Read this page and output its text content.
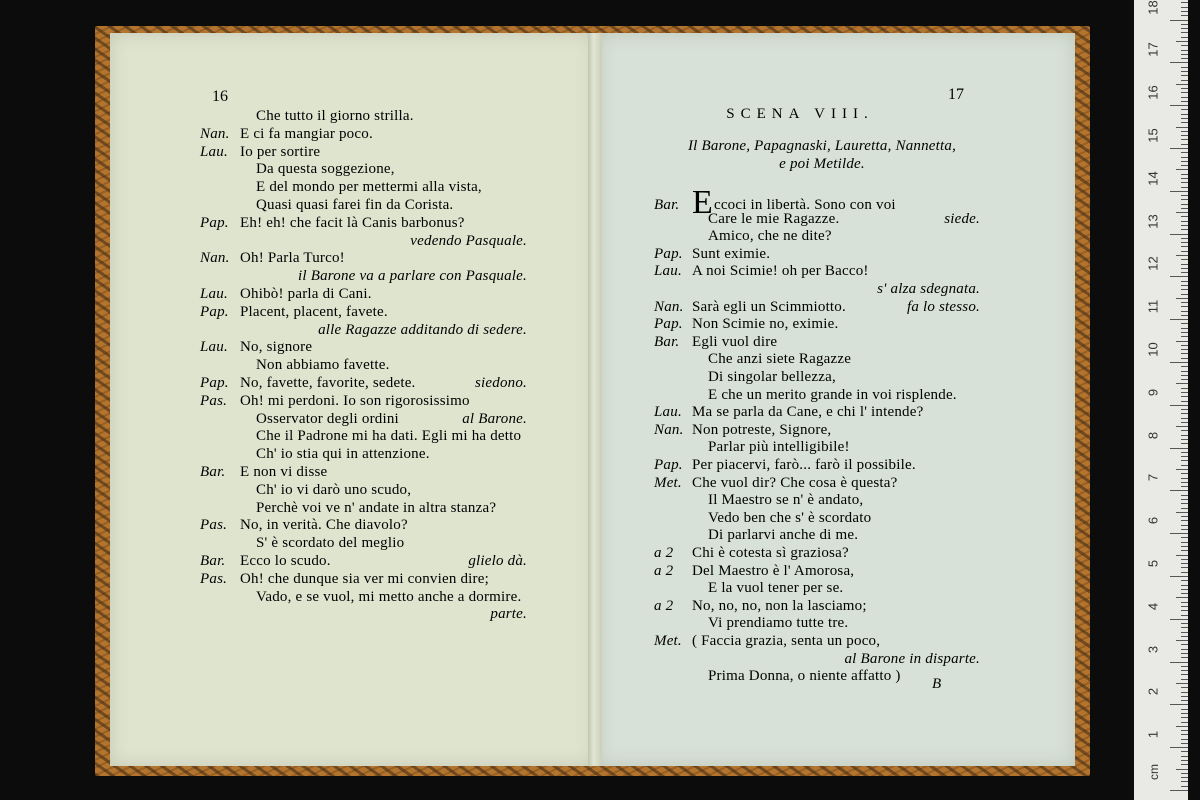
16
Che tutto il giorno strilla.
Nan. E ci fa mangiar poco.
Lau. Io per sortire
Da questa soggezione,
E del mondo per mettermi alla vista,
Quasi quasi farei fin da Corista.
Pap. Eh! eh! che facit là Canis barbonus?
vedendo Pasquale.
Nan. Oh! Parla Turco!
il Barone va a parlare con Pasquale.
Lau. Ohibò! parla di Cani.
Pap. Placent, placent, favete.
alle Ragazze additando di sedere.
Lau. No, signore
Non abbiamo favette.
Pap. No, favette, favorite, sedete.	siedono.
Pas. Oh! mi perdoni. Io son rigorosissimo
Osservator degli ordini	al Barone.
Che il Padrone mi ha dati. Egli mi ha detto
Ch' io stia qui in attenzione.
Bar. E non vi disse
Ch' io vi darò uno scudo,
Perchè voi ve n' andate in altra stanza?
Pas. No, in verità. Che diavolo?
S' è scordato del meglio
Bar. Ecco lo scudo.	glielo dà.
Pas. Oh! che dunque sia ver mi convien dire;
Vado, e se vuol, mi metto anche a dormire.
parte.
17
SCENA VIII.
Il Barone, Papagnaski, Lauretta, Nannetta,
e poi Metilde.
Bar. Eccoci in libertà. Sono con voi
Care le mie Ragazze.	siede.
Amico, che ne dite?
Pap. Sunt eximie.
Lau. A noi Scimie! oh per Bacco!
s' alza sdegnata.
Nan. Sarà egli un Scimmiotto.	fa lo stesso.
Pap. Non Scimie no, eximie.
Bar. Egli vuol dire
Che anzi siete Ragazze
Di singolar bellezza,
E che un merito grande in voi risplende.
Lau. Ma se parla da Cane, e chi l' intende?
Nan. Non potreste, Signore,
Parlar più intelligibile!
Pap. Per piacervi, farò... farò il possibile.
Met. Che vuol dir? Che cosa è questa?
Il Maestro se n' è andato,
Vedo ben che s' è scordato
Di parlarvi anche di me.
a 2 Chi è cotesta sì graziosa?
a 2 Del Maestro è l' Amorosa,
E la vuol tener per se.
a 2 No, no, no, non la lasciamo;
Vi prendiamo tutte tre.
Met. ( Faccia grazia, senta un poco,
al Barone in disparte.
Prima Donna, o niente affatto ) B
1
2
3
4
5
6
7
8
9
10
11
12
13
14
15
16
17
18
cm
